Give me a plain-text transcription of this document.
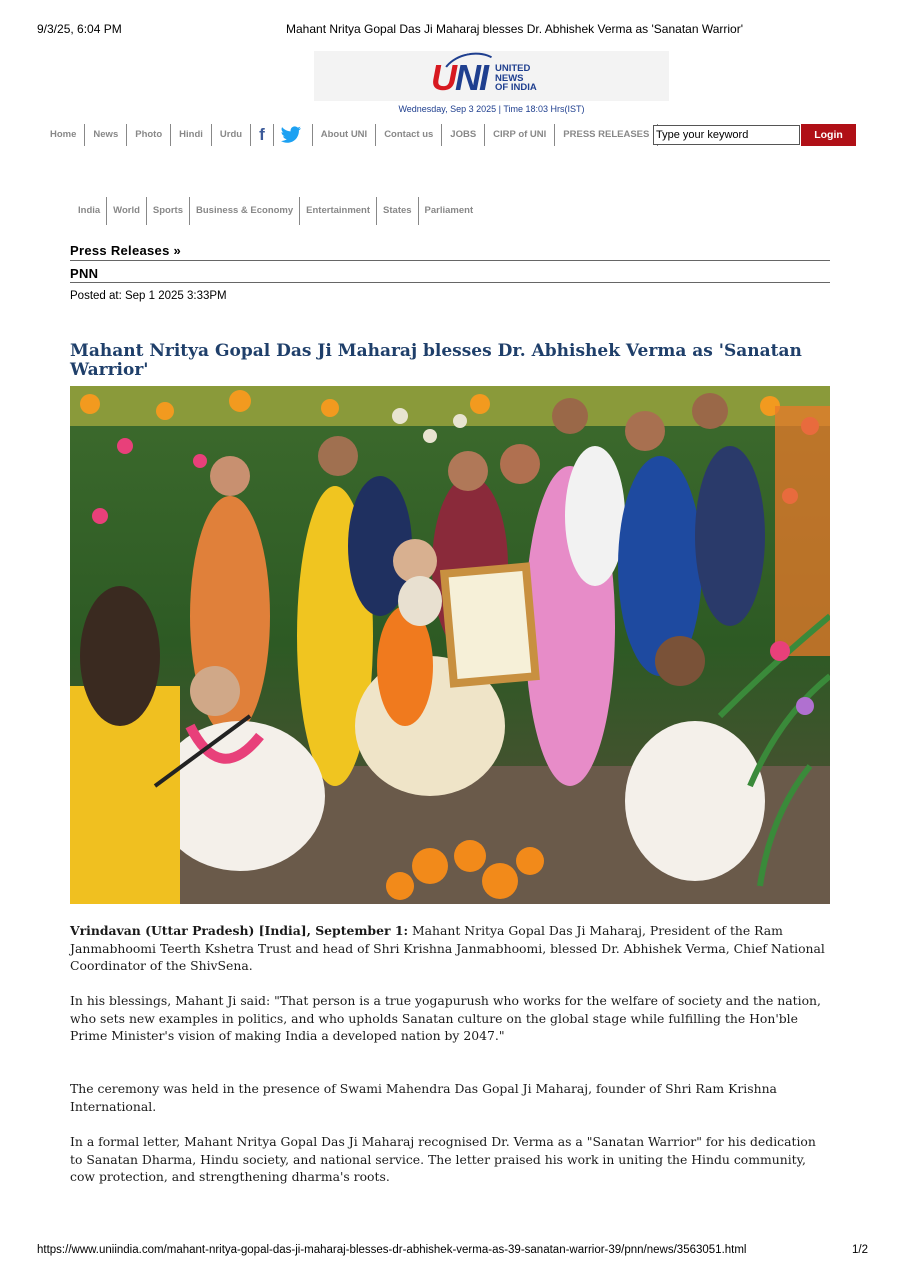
9/3/25, 6:04 PM	Mahant Nritya Gopal Das Ji Maharaj blesses Dr. Abhishek Verma as 'Sanatan Warrior'
UNI UNITED
NEWS
OF INDIA
Wednesday, Sep 3 2025 | Time 18:03 Hrs(IST)
Home	News	Photo	Hindi	Urdu	f	About UNI	Contact us	JOBS	CIRP of UNI	PRESS RELEASES Type your keyword	Login
India	World	Sports	Business & Economy	Entertainment	States	Parliament
Press Releases »
PNN
Posted at: Sep 1 2025 3:33PM
Mahant Nritya Gopal Das Ji Maharaj blesses Dr. Abhishek Verma as 'Sanatan Warrior'

Vrindavan (Uttar Pradesh) [India], September 1: Mahant Nritya Gopal Das Ji Maharaj, President of the Ram Janmabhoomi Teerth Kshetra Trust and head of Shri Krishna Janmabhoomi, blessed Dr. Abhishek Verma, Chief National Coordinator of the ShivSena.

In his blessings, Mahant Ji said: "That person is a true yogapurush who works for the welfare of society and the nation, who sets new examples in politics, and who upholds Sanatan culture on the global stage while fulfilling the Hon'ble Prime Minister's vision of making India a developed nation by 2047."

The ceremony was held in the presence of Swami Mahendra Das Gopal Ji Maharaj, founder of Shri Ram Krishna International.

In a formal letter, Mahant Nritya Gopal Das Ji Maharaj recognised Dr. Verma as a "Sanatan Warrior" for his dedication to Sanatan Dharma, Hindu society, and national service. The letter praised his work in uniting the Hindu community, cow protection, and strengthening dharma's roots.

https://www.uniindia.com/mahant-nritya-gopal-das-ji-maharaj-blesses-dr-abhishek-verma-as-39-sanatan-warrior-39/pnn/news/3563051.html	1/2
